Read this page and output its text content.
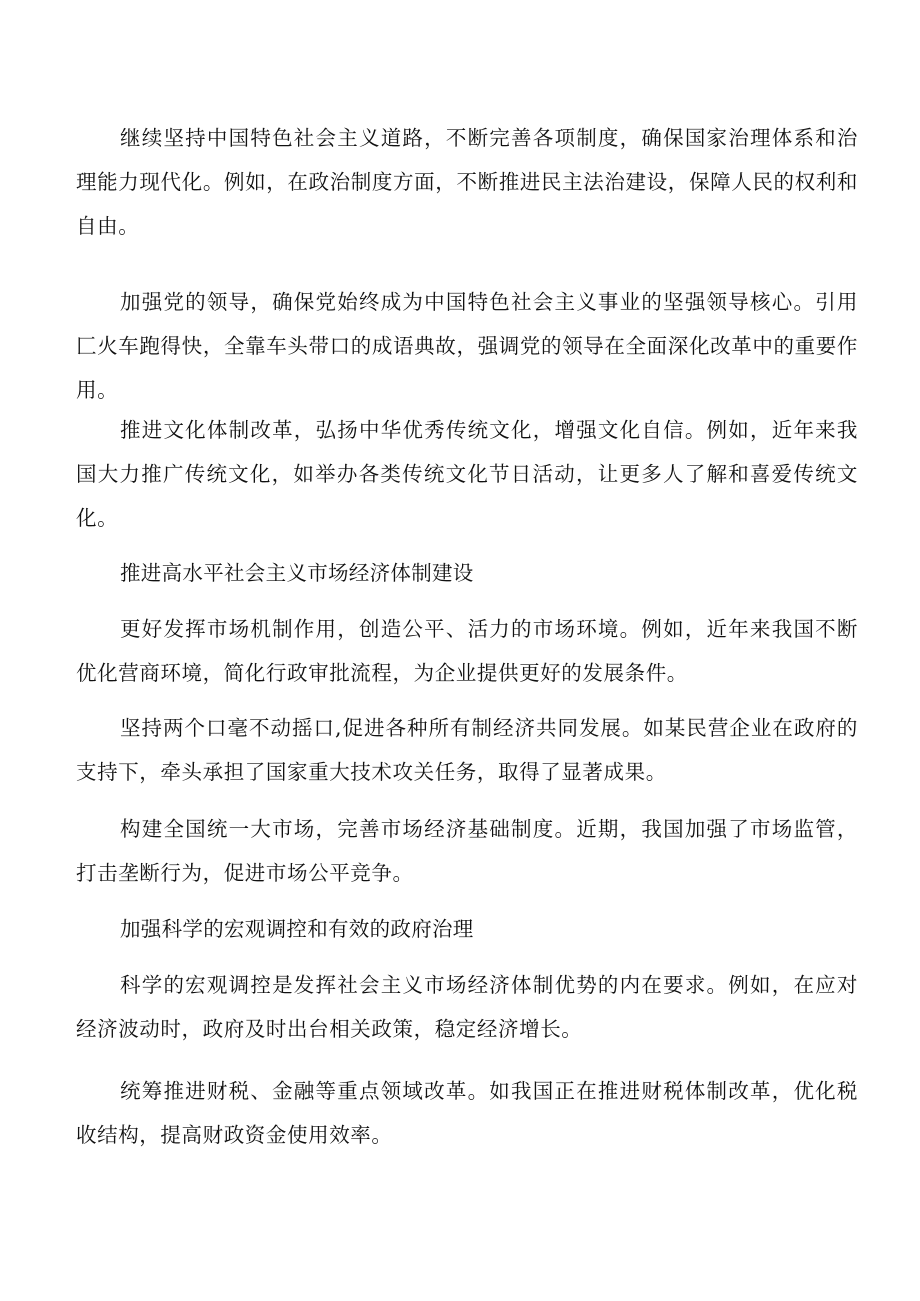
继续坚持中国特色社会主义道路，不断完善各项制度，确保国家治理体系和治理能力现代化。例如，在政治制度方面，不断推进民主法治建设，保障人民的权利和自由。

加强党的领导，确保党始终成为中国特色社会主义事业的坚强领导核心。引用匚火车跑得快，全靠车头带口的成语典故，强调党的领导在全面深化改革中的重要作用。

推进文化体制改革，弘扬中华优秀传统文化，增强文化自信。例如，近年来我国大力推广传统文化，如举办各类传统文化节日活动，让更多人了解和喜爱传统文化。

推进高水平社会主义市场经济体制建设

更好发挥市场机制作用，创造公平、活力的市场环境。例如，近年来我国不断优化营商环境，简化行政审批流程，为企业提供更好的发展条件。

坚持两个口毫不动摇口,促进各种所有制经济共同发展。如某民营企业在政府的支持下，牵头承担了国家重大技术攻关任务，取得了显著成果。

构建全国统一大市场，完善市场经济基础制度。近期，我国加强了市场监管，打击垄断行为，促进市场公平竞争。

加强科学的宏观调控和有效的政府治理

科学的宏观调控是发挥社会主义市场经济体制优势的内在要求。例如，在应对经济波动时，政府及时出台相关政策，稳定经济增长。

统筹推进财税、金融等重点领域改革。如我国正在推进财税体制改革，优化税收结构，提高财政资金使用效率。
